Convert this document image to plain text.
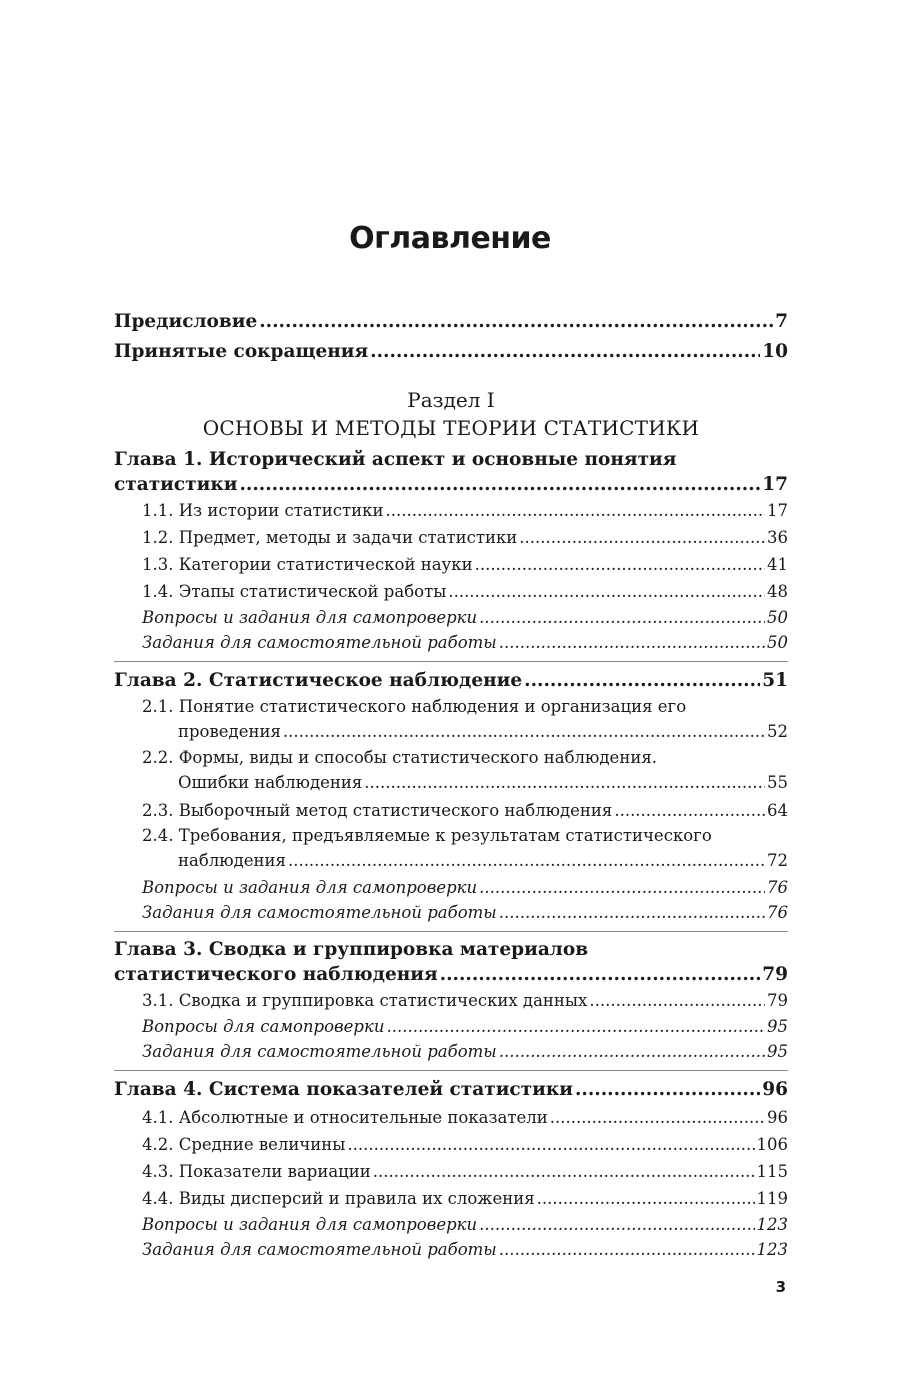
Оглавление
Предисловие .....	7
Принятые сокращения .....	10
Раздел I
ОСНОВЫ И МЕТОДЫ ТЕОРИИ СТАТИСТИКИ
Глава 1. Исторический аспект и основные понятия
статистики .....	17
1.1. Из истории статистики .....	17
1.2. Предмет, методы и задачи статистики .....	36
1.3. Категории статистической науки .....	41
1.4. Этапы статистической работы .....	48
Вопросы и задания для самопроверки .....	50
Задания для самостоятельной работы .....	50
Глава 2. Статистическое наблюдение .....	51
2.1. Понятие статистического наблюдения и организация его
проведения .....	52
2.2. Формы, виды и способы статистического наблюдения.
Ошибки наблюдения .....	55
2.3. Выборочный метод статистического наблюдения .....	64
2.4. Требования, предъявляемые к результатам статистического
наблюдения .....	72
Вопросы и задания для самопроверки .....	76
Задания для самостоятельной работы .....	76
Глава 3. Сводка и группировка материалов
статистического наблюдения .....	79
3.1. Сводка и группировка статистических данных .....	79
Вопросы для самопроверки .....	95
Задания для самостоятельной работы .....	95
Глава 4. Система показателей статистики .....	96
4.1. Абсолютные и относительные показатели .....	96
4.2. Средние величины .....	106
4.3. Показатели вариации .....	115
4.4. Виды дисперсий и правила их сложения .....	119
Вопросы и задания для самопроверки .....	123
Задания для самостоятельной работы .....	123
3
